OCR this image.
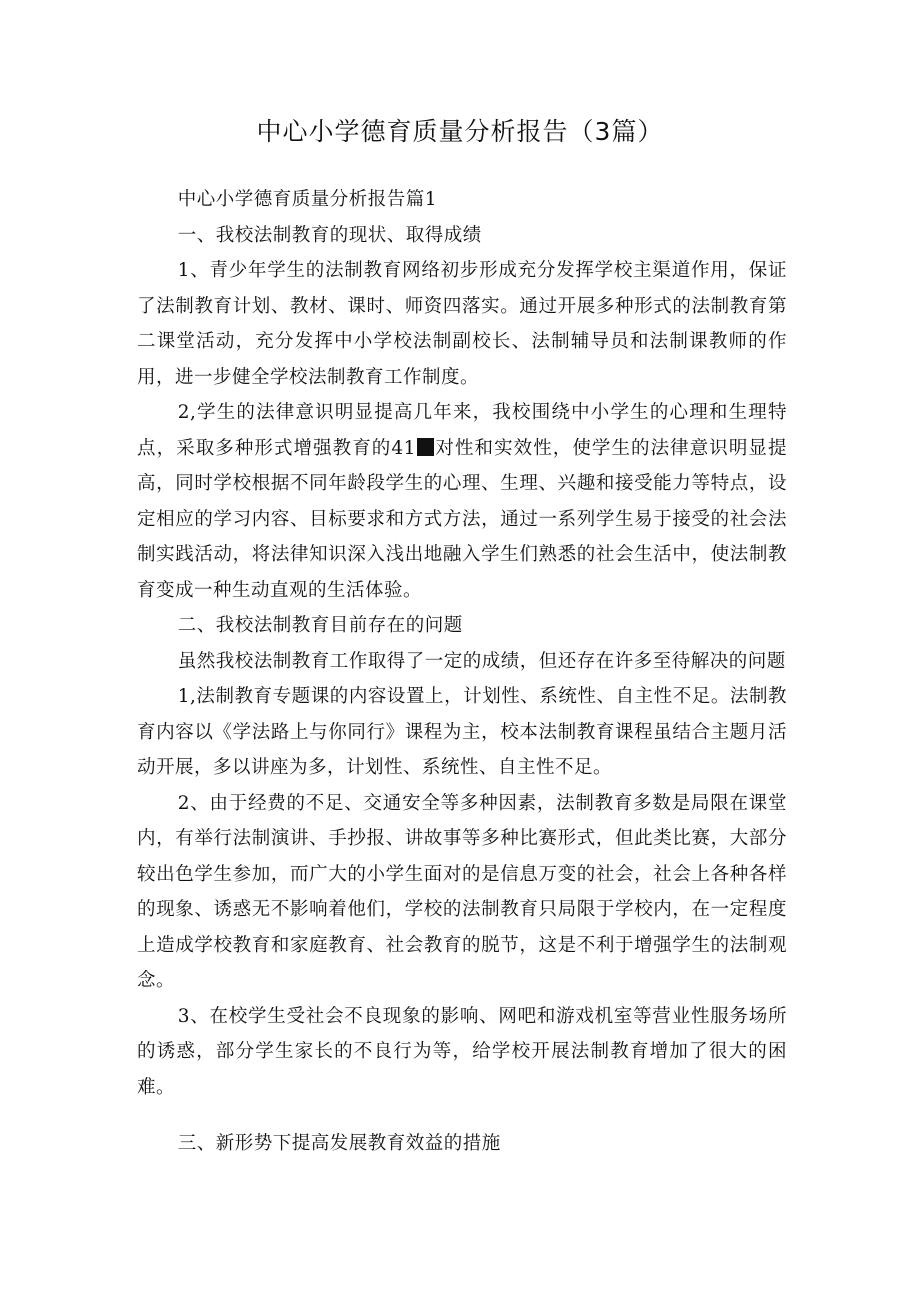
中心小学德育质量分析报告（3篇）

中心小学德育质量分析报告篇1

一、我校法制教育的现状、取得成绩

1、青少年学生的法制教育网络初步形成充分发挥学校主渠道作用，保证了法制教育计划、教材、课时、师资四落实。通过开展多种形式的法制教育第二课堂活动，充分发挥中小学校法制副校长、法制辅导员和法制课教师的作用，进一步健全学校法制教育工作制度。

2,学生的法律意识明显提高几年来，我校围绕中小学生的心理和生理特点，采取多种形式增强教育的41 对性和实效性，使学生的法律意识明显提高，同时学校根据不同年龄段学生的心理、生理、兴趣和接受能力等特点，设定相应的学习内容、目标要求和方式方法，通过一系列学生易于接受的社会法制实践活动，将法律知识深入浅出地融入学生们熟悉的社会生活中，使法制教育变成一种生动直观的生活体验。

二、我校法制教育目前存在的问题

虽然我校法制教育工作取得了一定的成绩，但还存在许多至待解决的问题

1,法制教育专题课的内容设置上，计划性、系统性、自主性不足。法制教育内容以《学法路上与你同行》课程为主，校本法制教育课程虽结合主题月活动开展，多以讲座为多，计划性、系统性、自主性不足。

2、由于经费的不足、交通安全等多种因素，法制教育多数是局限在课堂内，有举行法制演讲、手抄报、讲故事等多种比赛形式，但此类比赛，大部分较出色学生参加，而广大的小学生面对的是信息万变的社会，社会上各种各样的现象、诱惑无不影响着他们，学校的法制教育只局限于学校内，在一定程度上造成学校教育和家庭教育、社会教育的脱节，这是不利于增强学生的法制观念。

3、在校学生受社会不良现象的影响、网吧和游戏机室等营业性服务场所的诱惑，部分学生家长的不良行为等，给学校开展法制教育增加了很大的困难。

三、新形势下提高发展教育效益的措施
